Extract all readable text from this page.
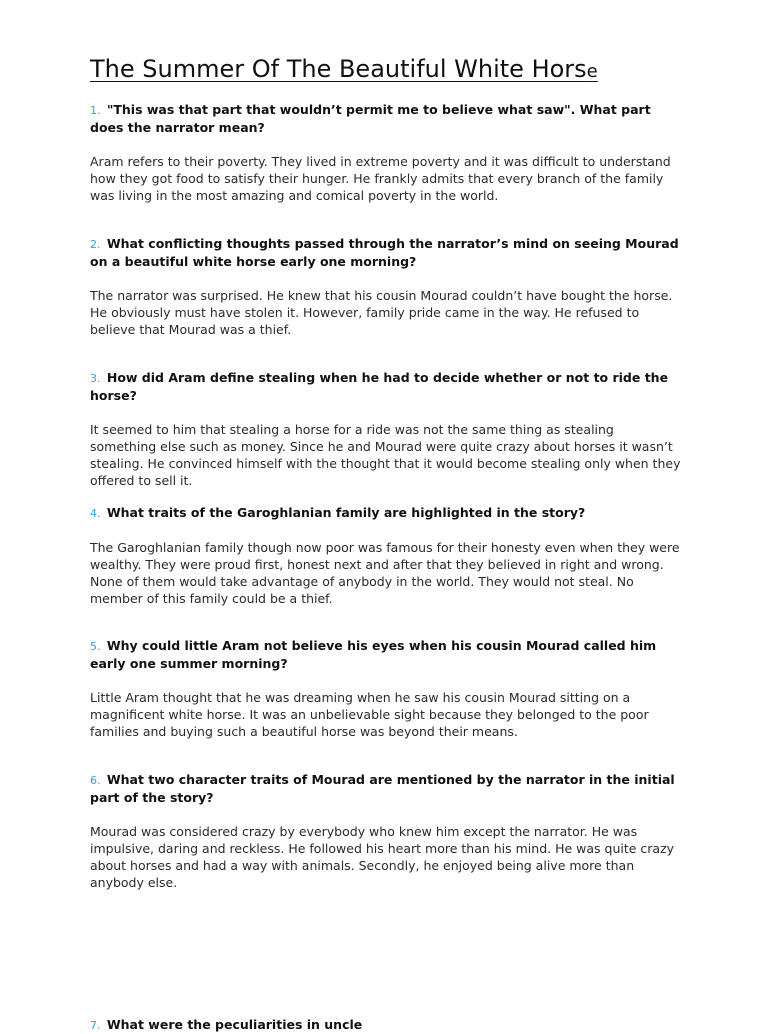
The Summer Of The Beautiful White Horse

1. "This was that part that wouldn’t permit me to believe what saw". What part does the narrator mean?

Aram refers to their poverty. They lived in extreme poverty and it was difficult to understand how they got food to satisfy their hunger. He frankly admits that every branch of the family was living in the most amazing and comical poverty in the world.

2. What conflicting thoughts passed through the narrator’s mind on seeing Mourad on a beautiful white horse early one morning?

The narrator was surprised. He knew that his cousin Mourad couldn’t have bought the horse. He obviously must have stolen it. However, family pride came in the way. He refused to believe that Mourad was a thief.

3. How did Aram define stealing when he had to decide whether or not to ride the horse?

It seemed to him that stealing a horse for a ride was not the same thing as stealing something else such as money. Since he and Mourad were quite crazy about horses it wasn’t stealing. He convinced himself with the thought that it would become stealing only when they offered to sell it.

4. What traits of the Garoghlanian family are highlighted in the story?

The Garoghlanian family though now poor was famous for their honesty even when they were wealthy. They were proud first, honest next and after that they believed in right and wrong. None of them would take advantage of anybody in the world. They would not steal. No member of this family could be a thief.

5. Why could little Aram not believe his eyes when his cousin Mourad called him early one summer morning?

Little Aram thought that he was dreaming when he saw his cousin Mourad sitting on a magnificent white horse. It was an unbelievable sight because they belonged to the poor families and buying such a beautiful horse was beyond their means.

6. What two character traits of Mourad are mentioned by the narrator in the initial part of the story?

Mourad was considered crazy by everybody who knew him except the narrator. He was impulsive, daring and reckless. He followed his heart more than his mind. He was quite crazy about horses and had a way with animals. Secondly, he enjoyed being alive more than anybody else.

7. What were the peculiarities in uncle
